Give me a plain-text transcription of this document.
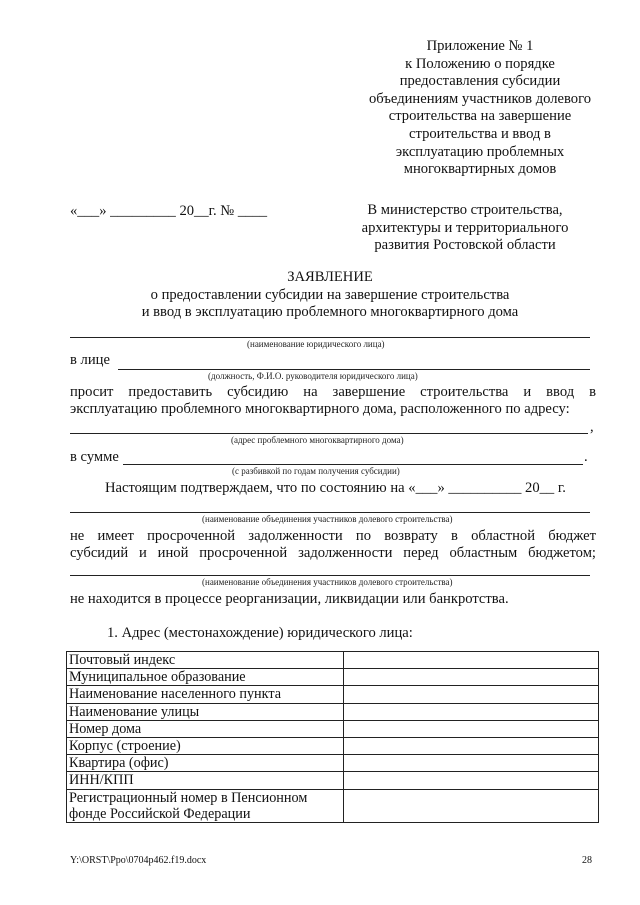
Приложение № 1
к Положению о порядке
предоставления субсидии
объединениям участников долевого
строительства на завершение
строительства и ввод в
эксплуатацию проблемных
многоквартирных домов
«___» _________ 20__г. № ____	В министерство строительства,
архитектуры и территориального
развития Ростовской области
ЗАЯВЛЕНИЕ
о предоставлении субсидии на завершение строительства
и ввод в эксплуатацию проблемного многоквартирного дома
(наименование юридического лица)
в лице
(должность, Ф.И.О. руководителя юридического лица)
просит предоставить субсидию на завершение строительства и ввод в
эксплуатацию проблемного многоквартирного дома, расположенного по адресу:
,
(адрес проблемного многоквартирного дома)
в сумме	.
(с разбивкой по годам получения субсидии)
Настоящим подтверждаем, что по состоянию на «___» __________ 20__ г.
(наименование объединения участников долевого строительства)
не имеет просроченной задолженности по возврату в областной бюджет
субсидий и иной просроченной задолженности перед областным бюджетом;
(наименование объединения участников долевого строительства)
не находится в процессе реорганизации, ликвидации или банкротства.
1. Адрес (местонахождение) юридического лица:
Почтовый индекс	
Муниципальное образование	
Наименование населенного пункта	
Наименование улицы	
Номер дома	
Корпус (строение)	
Квартира (офис)	
ИНН/КПП	
Регистрационный номер в Пенсионном фонде Российской Федерации	
Y:\ORST\Ppo\0704p462.f19.docx	28
